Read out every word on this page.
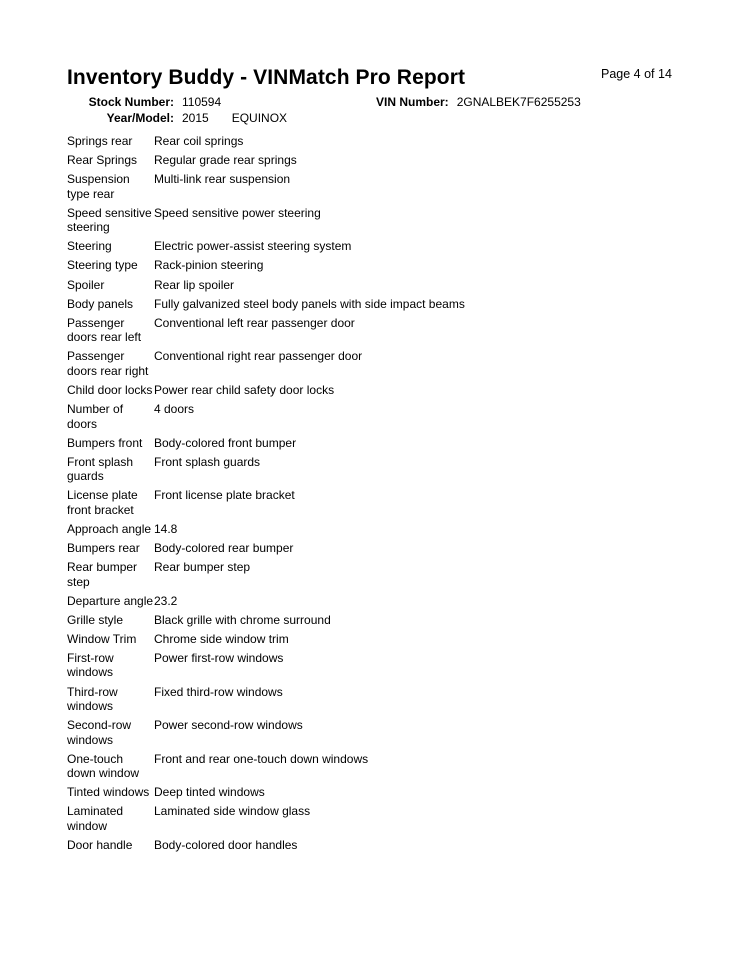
Page 4 of 14
Inventory Buddy - VINMatch Pro Report
Stock Number: 110594	VIN Number: 2GNALBEK7F6255253
Year/Model: 2015 EQUINOX
Springs rear	Rear coil springs
Rear Springs	Regular grade rear springs
Suspension type rear	Multi-link rear suspension
Speed sensitive steering	Speed sensitive power steering
Steering	Electric power-assist steering system
Steering type	Rack-pinion steering
Spoiler	Rear lip spoiler
Body panels	Fully galvanized steel body panels with side impact beams
Passenger doors rear left	Conventional left rear passenger door
Passenger doors rear right	Conventional right rear passenger door
Child door locks	Power rear child safety door locks
Number of doors	4 doors
Bumpers front	Body-colored front bumper
Front splash guards	Front splash guards
License plate front bracket	Front license plate bracket
Approach angle	14.8
Bumpers rear	Body-colored rear bumper
Rear bumper step	Rear bumper step
Departure angle	23.2
Grille style	Black grille with chrome surround
Window Trim	Chrome side window trim
First-row windows	Power first-row windows
Third-row windows	Fixed third-row windows
Second-row windows	Power second-row windows
One-touch down window	Front and rear one-touch down windows
Tinted windows	Deep tinted windows
Laminated window	Laminated side window glass
Door handle	Body-colored door handles
